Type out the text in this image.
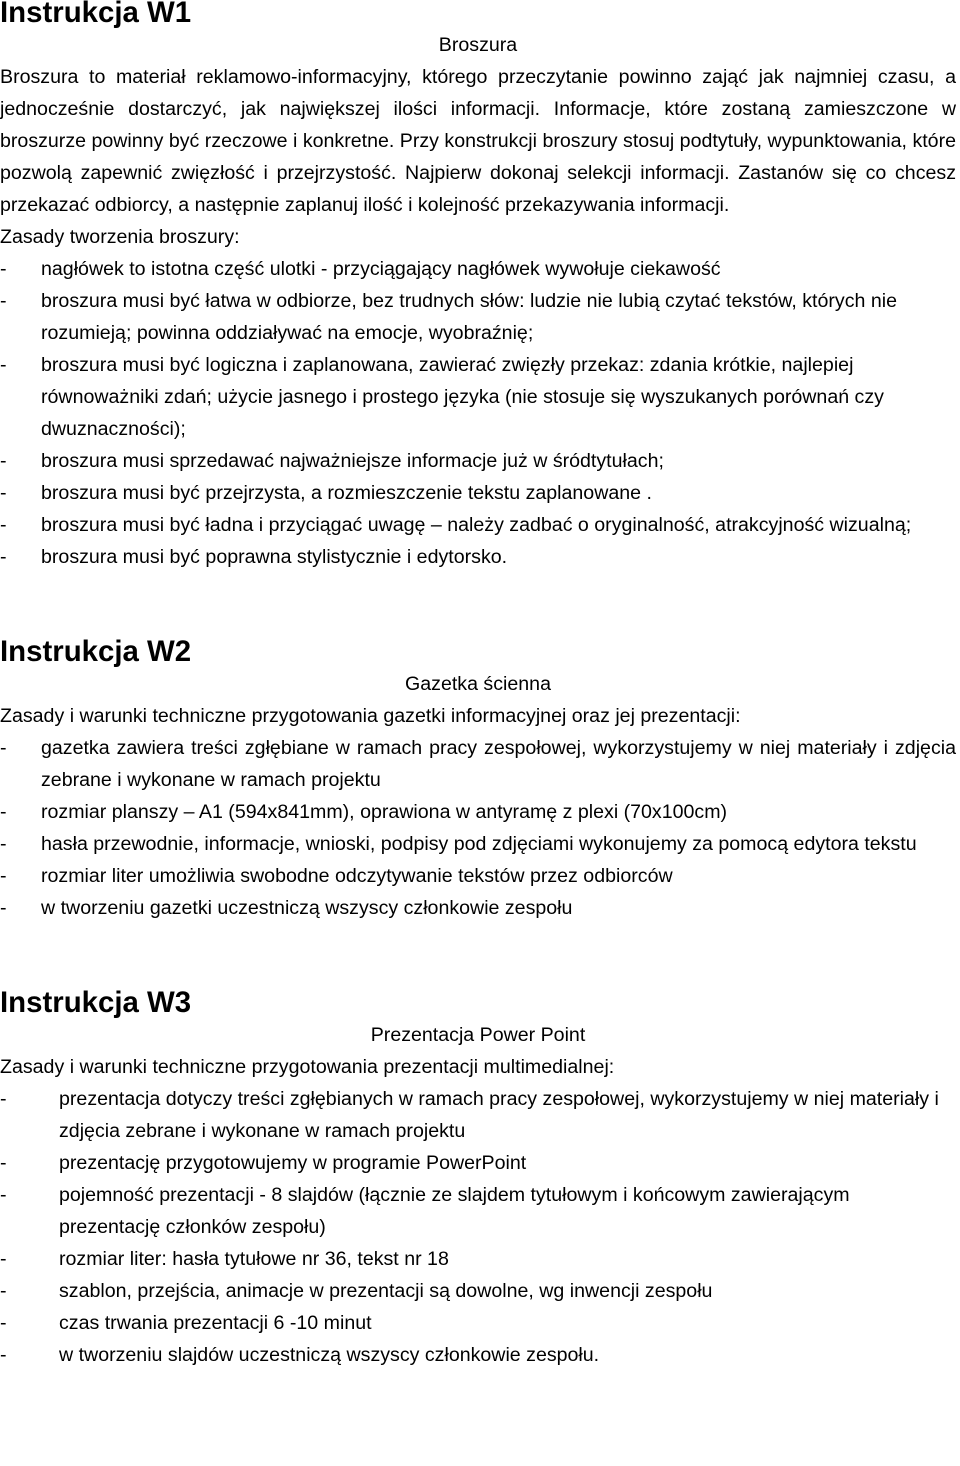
Instrukcja W1

Broszura

Broszura to materiał reklamowo-informacyjny, którego przeczytanie powinno zająć jak najmniej czasu, a jednocześnie dostarczyć, jak największej ilości informacji. Informacje, które zostaną zamieszczone w broszurze powinny być rzeczowe i konkretne. Przy konstrukcji broszury stosuj podtytuły, wypunktowania, które pozwolą zapewnić zwięzłość i przejrzystość. Najpierw dokonaj selekcji informacji. Zastanów się co chcesz przekazać odbiorcy, a następnie zaplanuj ilość i kolejność przekazywania informacji.

Zasady tworzenia broszury:

- nagłówek to istotna część ulotki - przyciągający nagłówek wywołuje ciekawość
- broszura musi być łatwa w odbiorze, bez trudnych słów: ludzie nie lubią czytać tekstów, których nie rozumieją; powinna oddziaływać na emocje, wyobraźnię;
- broszura musi być logiczna i zaplanowana, zawierać zwięzły przekaz: zdania krótkie, najlepiej równoważniki zdań; użycie jasnego i prostego języka (nie stosuje się wyszukanych porównań czy dwuznaczności);
- broszura musi sprzedawać najważniejsze informacje już w śródtytułach;
- broszura musi być przejrzysta, a rozmieszczenie tekstu zaplanowane .
- broszura musi być ładna i przyciągać uwagę – należy zadbać o oryginalność, atrakcyjność wizualną;
- broszura musi być poprawna stylistycznie i edytorsko.
Instrukcja W2

Gazetka ścienna

Zasady i warunki techniczne przygotowania gazetki informacyjnej oraz jej prezentacji:

- gazetka zawiera treści zgłębiane w ramach pracy zespołowej, wykorzystujemy w niej materiały i zdjęcia zebrane i wykonane w ramach projektu
- rozmiar planszy – A1 (594x841mm), oprawiona w antyramę z plexi (70x100cm)
- hasła przewodnie, informacje, wnioski, podpisy pod zdjęciami wykonujemy za pomocą edytora tekstu
- rozmiar liter umożliwia swobodne odczytywanie tekstów przez odbiorców
- w tworzeniu gazetki uczestniczą wszyscy członkowie zespołu
Instrukcja W3

Prezentacja Power Point

Zasady i warunki techniczne przygotowania prezentacji multimedialnej:

-	prezentacja dotyczy treści zgłębianych w ramach pracy zespołowej, wykorzystujemy w niej materiały i zdjęcia zebrane i wykonane w ramach projektu
-	prezentację przygotowujemy w programie PowerPoint
-	pojemność prezentacji - 8 slajdów (łącznie ze slajdem tytułowym i końcowym zawierającym prezentację członków zespołu)
-	rozmiar liter: hasła tytułowe nr 36, tekst nr 18
-	szablon, przejścia, animacje w prezentacji są dowolne, wg inwencji zespołu
-	czas trwania prezentacji 6 -10 minut
-	w tworzeniu slajdów uczestniczą wszyscy członkowie zespołu.
